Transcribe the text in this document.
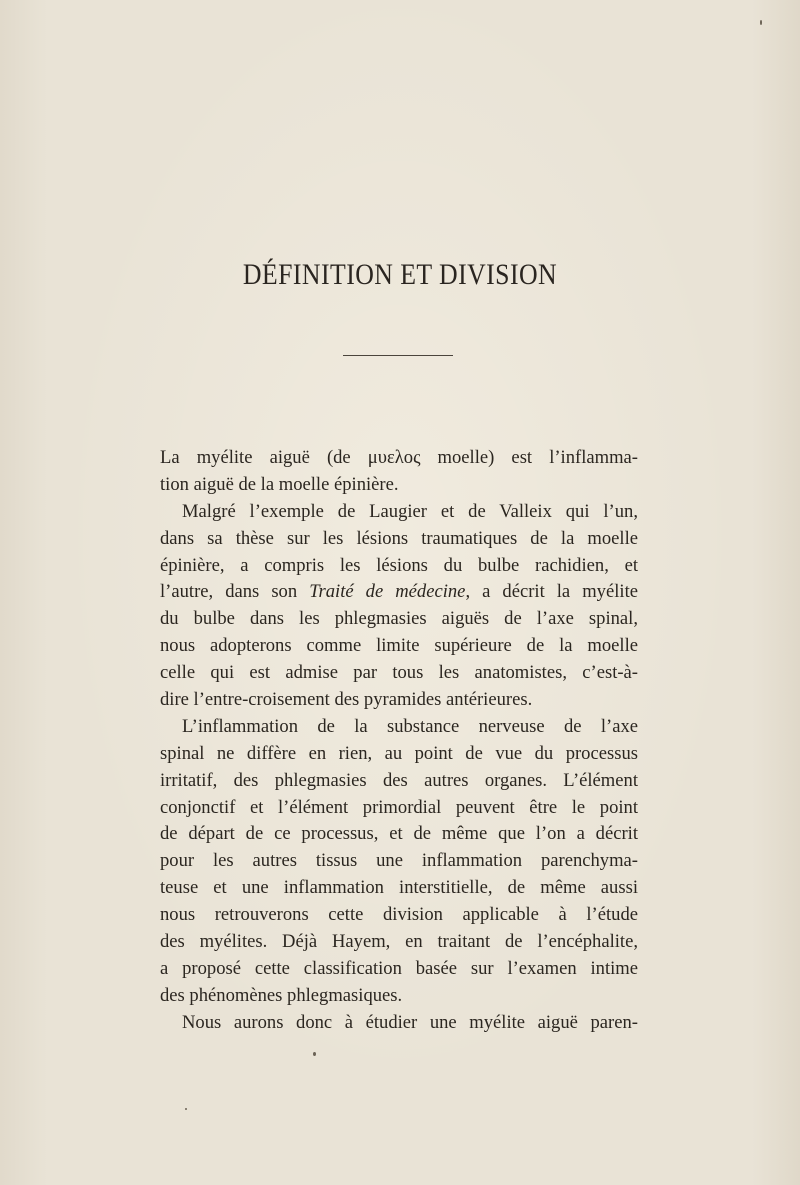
DÉFINITION ET DIVISION
La myélite aiguë (de μυελος moelle) est l’inflamma-
tion aiguë de la moelle épinière.
Malgré l’exemple de Laugier et de Valleix qui l’un,
dans sa thèse sur les lésions traumatiques de la moelle
épinière, a compris les lésions du bulbe rachidien, et
l’autre, dans son Traité de médecine, a décrit la myélite
du bulbe dans les phlegmasies aiguës de l’axe spinal,
nous adopterons comme limite supérieure de la moelle
celle qui est admise par tous les anatomistes, c’est-à-
dire l’entre-croisement des pyramides antérieures.
L’inflammation de la substance nerveuse de l’axe
spinal ne diffère en rien, au point de vue du processus
irritatif, des phlegmasies des autres organes. L’élément
conjonctif et l’élément primordial peuvent être le point
de départ de ce processus, et de même que l’on a décrit
pour les autres tissus une inflammation parenchyma-
teuse et une inflammation interstitielle, de même aussi
nous retrouverons cette division applicable à l’étude
des myélites. Déjà Hayem, en traitant de l’encéphalite,
a proposé cette classification basée sur l’examen intime
des phénomènes phlegmasiques.
Nous aurons donc à étudier une myélite aiguë paren-
